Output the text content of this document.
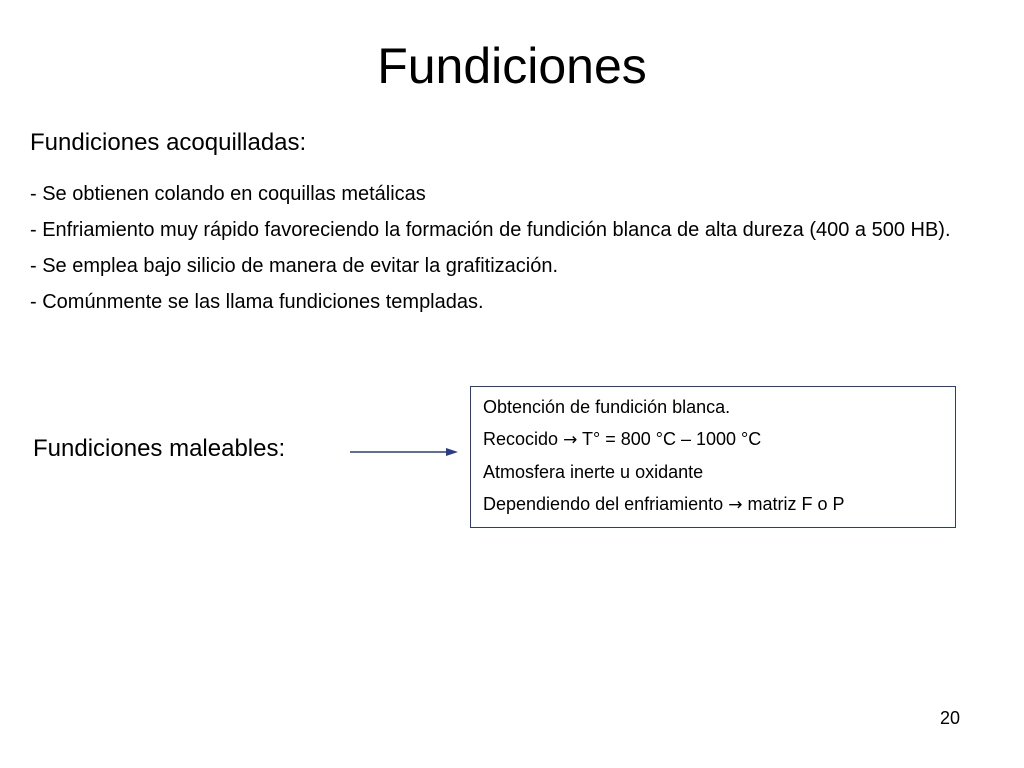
Fundiciones
Fundiciones acoquilladas:
- Se obtienen colando en coquillas metálicas
- Enfriamiento muy rápido favoreciendo la formación de fundición blanca de alta dureza (400 a 500 HB).
- Se emplea bajo silicio de manera de evitar la grafitización.
- Comúnmente se las llama fundiciones templadas.
Fundiciones maleables:
Obtención de fundición blanca.
Recocido → T° = 800 °C – 1000 °C
Atmosfera inerte u oxidante
Dependiendo del enfriamiento → matriz F o P
20
